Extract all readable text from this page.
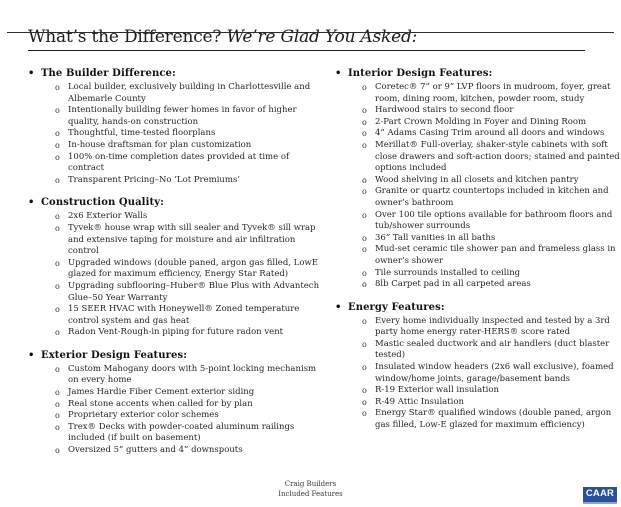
What’s the Difference? We’re Glad You Asked:
• The Builder Difference:
o Local builder, exclusively building in Charlottesville and Albemarle County
o Intentionally building fewer homes in favor of higher quality, hands-on construction
o Thoughtful, time-tested floorplans
o In-house draftsman for plan customization
o 100% on-time completion dates provided at time of contract
o Transparent Pricing–No ‘Lot Premiums’
• Construction Quality:
o 2x6 Exterior Walls
o Tyvek® house wrap with sill sealer and Tyvek® sill wrap and extensive taping for moisture and air infiltration control
o Upgraded windows (double paned, argon gas filled, LowE glazed for maximum efficiency, Energy Star Rated)
o Upgrading subflooring–Huber® Blue Plus with Advantech Glue–50 Year Warranty
o 15 SEER HVAC with Honeywell® Zoned temperature control system and gas heat
o Radon Vent-Rough-in piping for future radon vent
• Exterior Design Features:
o Custom Mahogany doors with 5-point locking mechanism on every home
o James Hardie Fiber Cement exterior siding
o Real stone accents when called for by plan
o Proprietary exterior color schemes
o Trex® Decks with powder-coated aluminum railings included (if built on basement)
o Oversized 5” gutters and 4” downspouts
• Interior Design Features:
o Coretec® 7” or 9” LVP floors in mudroom, foyer, great room, dining room, kitchen, powder room, study
o Hardwood stairs to second floor
o 2-Part Crown Molding in Foyer and Dining Room
o 4” Adams Casing Trim around all doors and windows
o Merillat® Full-overlay, shaker-style cabinets with soft close drawers and soft-action doors; stained and painted options included
o Wood shelving in all closets and kitchen pantry
o Granite or quartz countertops included in kitchen and owner’s bathroom
o Over 100 tile options available for bathroom floors and tub/shower surrounds
o 36” Tall vanities in all baths
o Mud-set ceramic tile shower pan and frameless glass in owner’s shower
o Tile surrounds installed to ceiling
o 8lb Carpet pad in all carpeted areas
• Energy Features:
o Every home individually inspected and tested by a 3rd party home energy rater-HERS® score rated
o Mastic sealed ductwork and air handlers (duct blaster tested)
o Insulated window headers (2x6 wall exclusive), foamed window/home joints, garage/basement bands
o R-19 Exterior wall insulation
o R-49 Attic Insulation
o Energy Star® qualified windows (double paned, argon gas filled, Low-E glazed for maximum efficiency)
Craig Builders
Included Features	CAAR
